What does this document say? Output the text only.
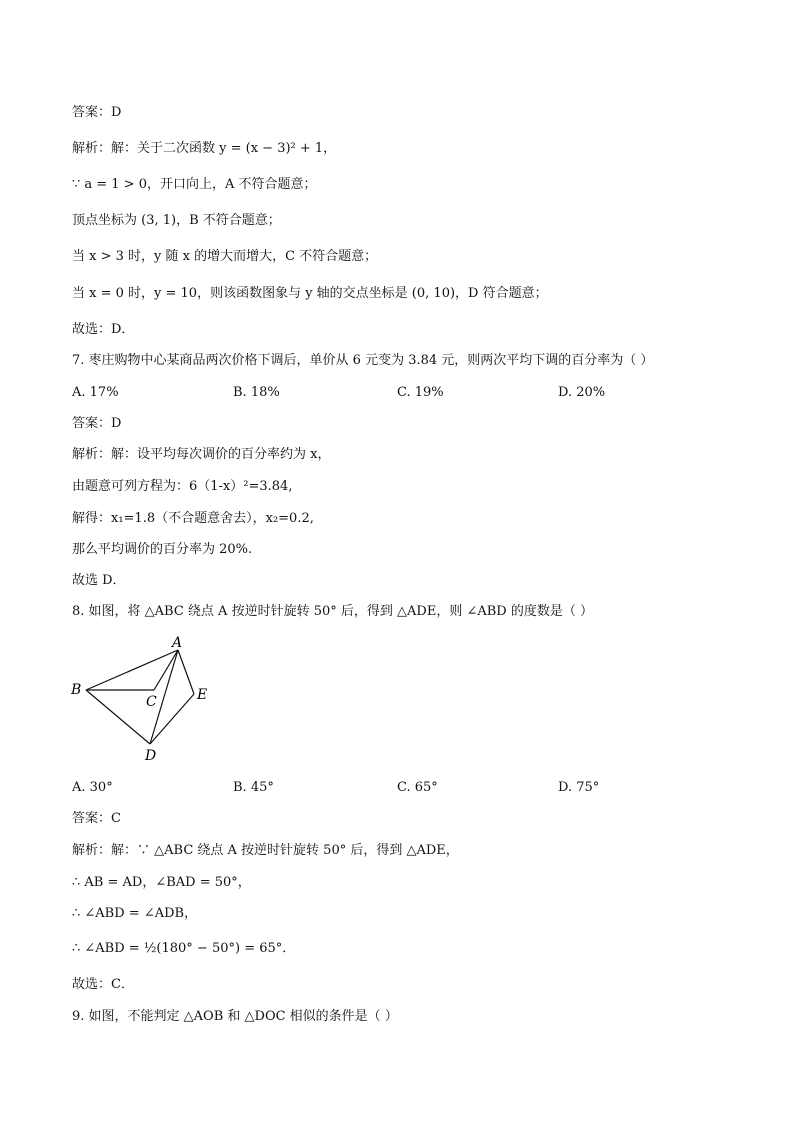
答案：D
解析：解：关于二次函数 y = (x − 3)² + 1，
∵ a = 1 > 0，开口向上，A 不符合题意；
顶点坐标为 (3, 1)，B 不符合题意；
当 x > 3 时，y 随 x 的增大而增大，C 不符合题意；
当 x = 0 时，y = 10，则该函数图象与 y 轴的交点坐标是 (0, 10)，D 符合题意；
故选：D．
7. 枣庄购物中心某商品两次价格下调后，单价从 6 元变为 3.84 元，则两次平均下调的百分率为（ ）
A. 17%	B. 18%	C. 19%	D. 20%
答案：D
解析：解：设平均每次调价的百分率约为 x，
由题意可列方程为：6（1-x）²=3.84,
解得：x₁=1.8（不合题意舍去），x₂=0.2,
那么平均调价的百分率为 20%.
故选 D．
8. 如图，将 △ABC 绕点 A 按逆时针旋转 50° 后，得到 △ADE，则 ∠ABD 的度数是（ ）
A
B
C
D
E
A. 30°	B. 45°	C. 65°	D. 75°
答案：C
解析：解：∵ △ABC 绕点 A 按逆时针旋转 50° 后，得到 △ADE，
∴ AB = AD，∠BAD = 50°，
∴ ∠ABD = ∠ADB，
∴ ∠ABD = ½(180° − 50°) = 65°．
故选：C．
9. 如图，不能判定 △AOB 和 △DOC 相似的条件是（ ）
